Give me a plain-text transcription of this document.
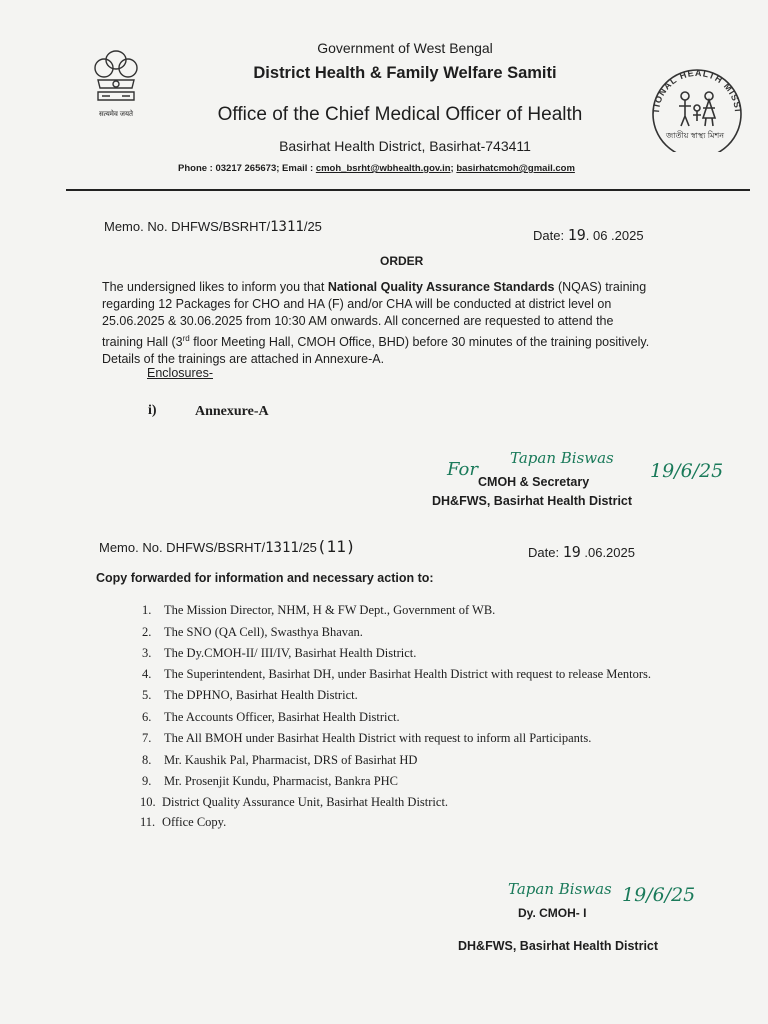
सत्यमेव जयते
TIONAL HEALTH MISSI
জাতীয় স্বাস্থ্য মিশন
Government of West Bengal
District Health & Family Welfare Samiti
Office of the Chief Medical Officer of Health
Basirhat Health District, Basirhat-743411
Phone : 03217 265673; Email : cmoh_bsrht@wbhealth.gov.in; basirhatcmoh@gmail.com
Memo. No. DHFWS/BSRHT/1311/25
Date: 19. 06 .2025
ORDER
The undersigned likes to inform you that National Quality Assurance Standards (NQAS) training
regarding 12 Packages for CHO and HA (F) and/or CHA will be conducted at district level on
25.06.2025 & 30.06.2025 from 10:30 AM onwards. All concerned are requested to attend the
training Hall (3rd floor Meeting Hall, CMOH Office, BHD) before 30 minutes of the training positively.
Details of the trainings are attached in Annexure-A.
Enclosures-
i)	Annexure-A
For
Tapan Biswas
19/6/25
CMOH & Secretary
DH&FWS, Basirhat Health District
Memo. No. DHFWS/BSRHT/1311/25(11)	Date: 19 .06.2025
Copy forwarded for information and necessary action to:
1. The Mission Director, NHM, H & FW Dept., Government of WB.
2. The SNO (QA Cell), Swasthya Bhavan.
3. The Dy.CMOH-II/ III/IV, Basirhat Health District.
4. The Superintendent, Basirhat DH, under Basirhat Health District with request to release Mentors.
5. The DPHNO, Basirhat Health District.
6. The Accounts Officer, Basirhat Health District.
7. The All BMOH under Basirhat Health District with request to inform all Participants.
8. Mr. Kaushik Pal, Pharmacist, DRS of Basirhat HD
9. Mr. Prosenjit Kundu, Pharmacist, Bankra PHC
10. District Quality Assurance Unit, Basirhat Health District.
11. Office Copy.
Tapan Biswas 19/6/25
Dy. CMOH- I
DH&FWS, Basirhat Health District
